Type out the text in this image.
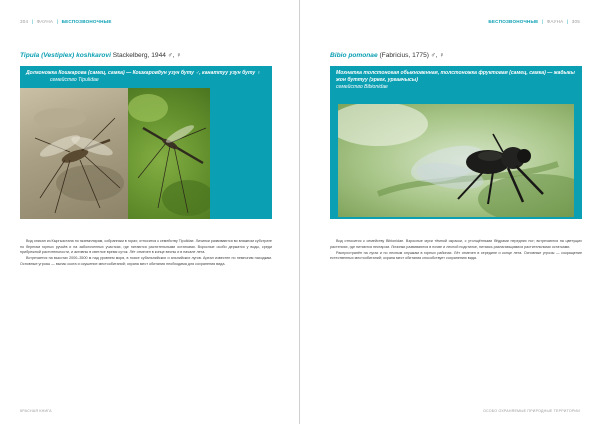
304 | ФАУНА | БЕСПОЗВОНОЧНЫЕ
Tipula (Vestiplex) koshkarovi Stackelberg, 1944 ♂, ♀
Долгоножка Кошкарова (самец, самка) — Кошкаровдун узун буту ♂, канаттуу узун буту ♀ семейство Tipulidae

Вид описан из Кыргызстана по экземплярам, собранным в горах; относится к семейству Tipulidae. Личинки развиваются во влажном субстрате по берегам горных ручьёв и на заболоченных участках, где питаются растительными остатками. Взрослые особи держатся у воды, среди прибрежной растительности, и активны в светлое время суток. Лёт отмечен в конце весны и в начале лета.

Встречается на высотах 2000–3500 м над уровнем моря, в поясе субальпийских и альпийских лугов. Ареал известен по немногим находкам. Основные угрозы — выпас скота и осушение местообитаний; охрана мест обитания необходима для сохранения вида.

КРАСНАЯ КНИГА
БЕСПОЗВОНОЧНЫЕ | ФАУНА | 305
Bibio pomonae (Fabricius, 1775) ♂, ♀
Мохнатка толстоногая обыкновенная, толстоножка фруктовая (самец, самка) — жадыкы жон буттуу (эркек, ургаачысы)
семейство Bibionidae

Вид относится к семейству Bibionidae. Взрослые мухи тёмной окраски, с утолщёнными бёдрами передних ног; встречаются на цветущих растениях, где питаются нектаром. Личинки развиваются в почве и лесной подстилке, питаясь разлагающимися растительными остатками.

Распространён на лугах и по лесным опушкам в горных районах. Лёт отмечен в середине и конце лета. Основные угрозы — сокращение естественных местообитаний; охрана мест обитания способствует сохранению вида.

ОСОБО ОХРАНЯЕМЫЕ ПРИРОДНЫЕ ТЕРРИТОРИИ
